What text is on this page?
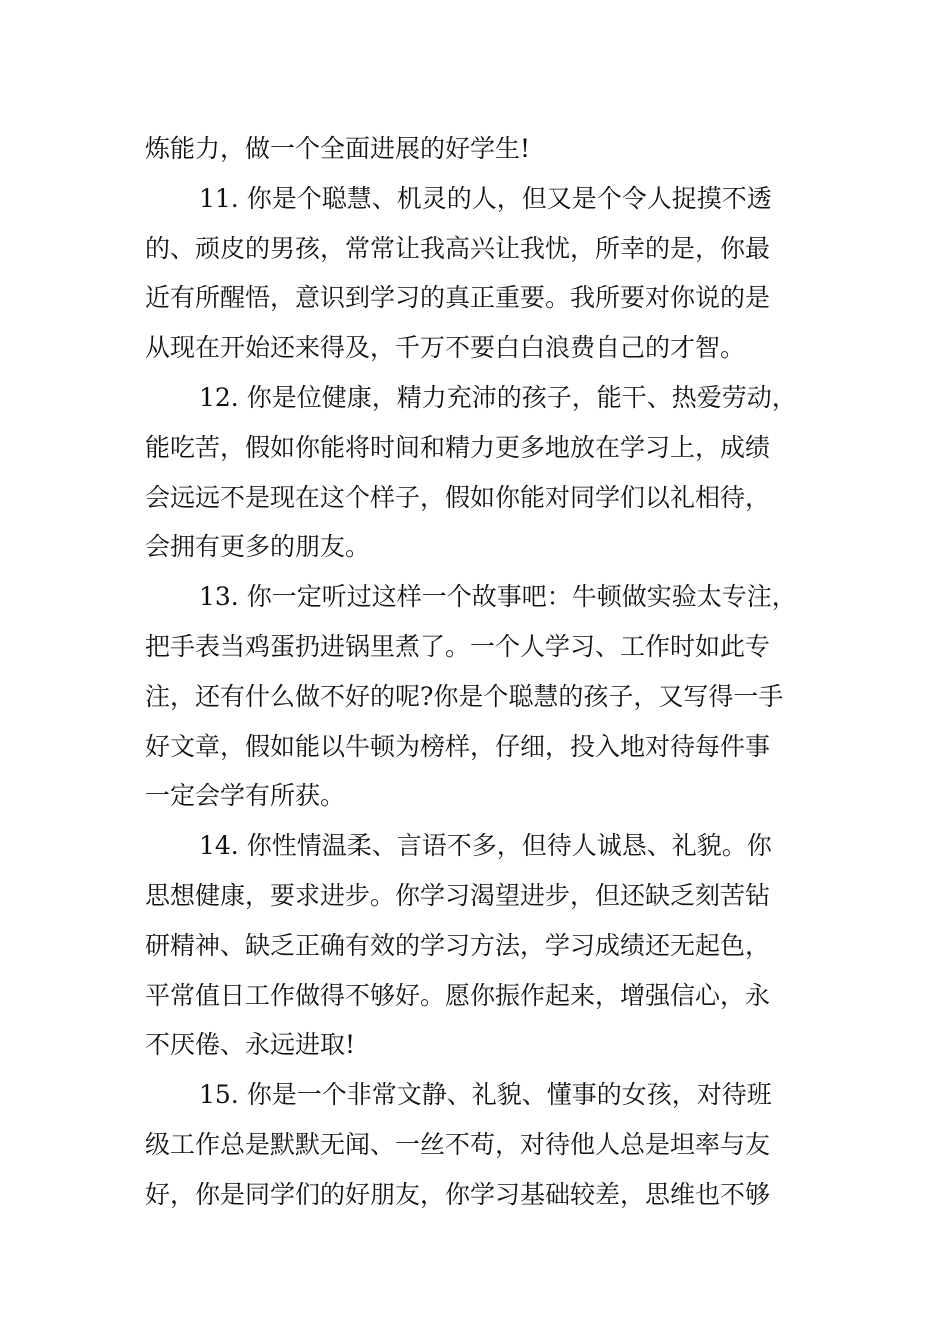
炼能力，做一个全面进展的好学生!
11. 你是个聪慧、机灵的人，但又是个令人捉摸不透
的、顽皮的男孩，常常让我高兴让我忧，所幸的是，你最
近有所醒悟，意识到学习的真正重要。我所要对你说的是
从现在开始还来得及，千万不要白白浪费自己的才智。
12. 你是位健康，精力充沛的孩子，能干、热爱劳动，
能吃苦，假如你能将时间和精力更多地放在学习上，成绩
会远远不是现在这个样子，假如你能对同学们以礼相待，
会拥有更多的朋友。
13. 你一定听过这样一个故事吧：牛顿做实验太专注，
把手表当鸡蛋扔进锅里煮了。一个人学习、工作时如此专
注，还有什么做不好的呢?你是个聪慧的孩子，又写得一手
好文章，假如能以牛顿为榜样，仔细，投入地对待每件事
一定会学有所获。
14. 你性情温柔、言语不多，但待人诚恳、礼貌。你
思想健康，要求进步。你学习渴望进步，但还缺乏刻苦钻
研精神、缺乏正确有效的学习方法，学习成绩还无起色，
平常值日工作做得不够好。愿你振作起来，增强信心，永
不厌倦、永远进取!
15. 你是一个非常文静、礼貌、懂事的女孩，对待班
级工作总是默默无闻、一丝不苟，对待他人总是坦率与友
好，你是同学们的好朋友，你学习基础较差，思维也不够
